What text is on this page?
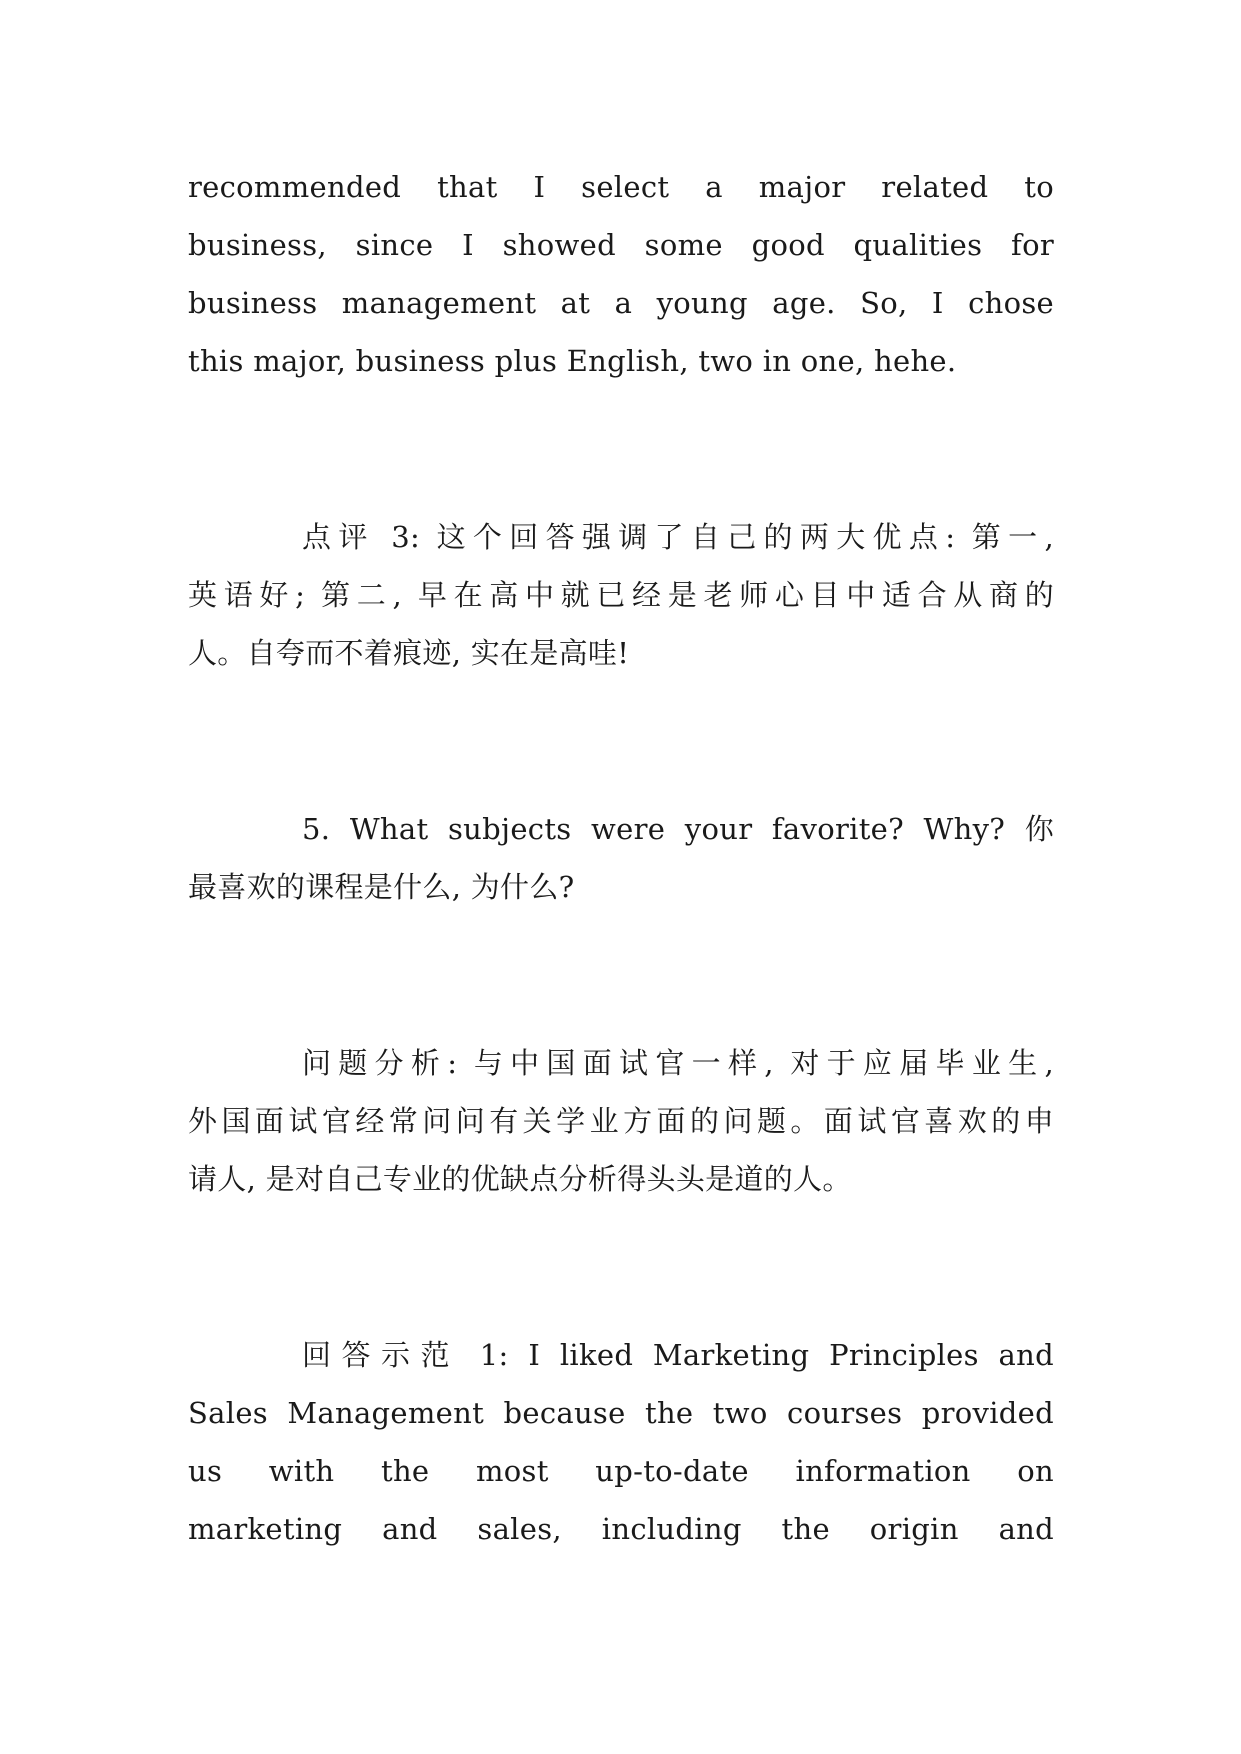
recommended that I select a major related to
business, since I showed some good qualities for
business management at a young age. So, I chose
this major, business plus English, two in one, hehe.
点评 3: 这个回答强调了自己的两大优点: 第一,
英语好; 第二, 早在高中就已经是老师心目中适合从商的
人。自夸而不着痕迹, 实在是高哇!
5. What subjects were your favorite? Why? 你
最喜欢的课程是什么, 为什么?
问题分析: 与中国面试官一样, 对于应届毕业生,
外国面试官经常问问有关学业方面的问题。面试官喜欢的申
请人, 是对自己专业的优缺点分析得头头是道的人。
回答示范 1: I liked Marketing Principles and
Sales Management because the two courses provided
us with the most up-to-date information on
marketing and sales, including the origin and
